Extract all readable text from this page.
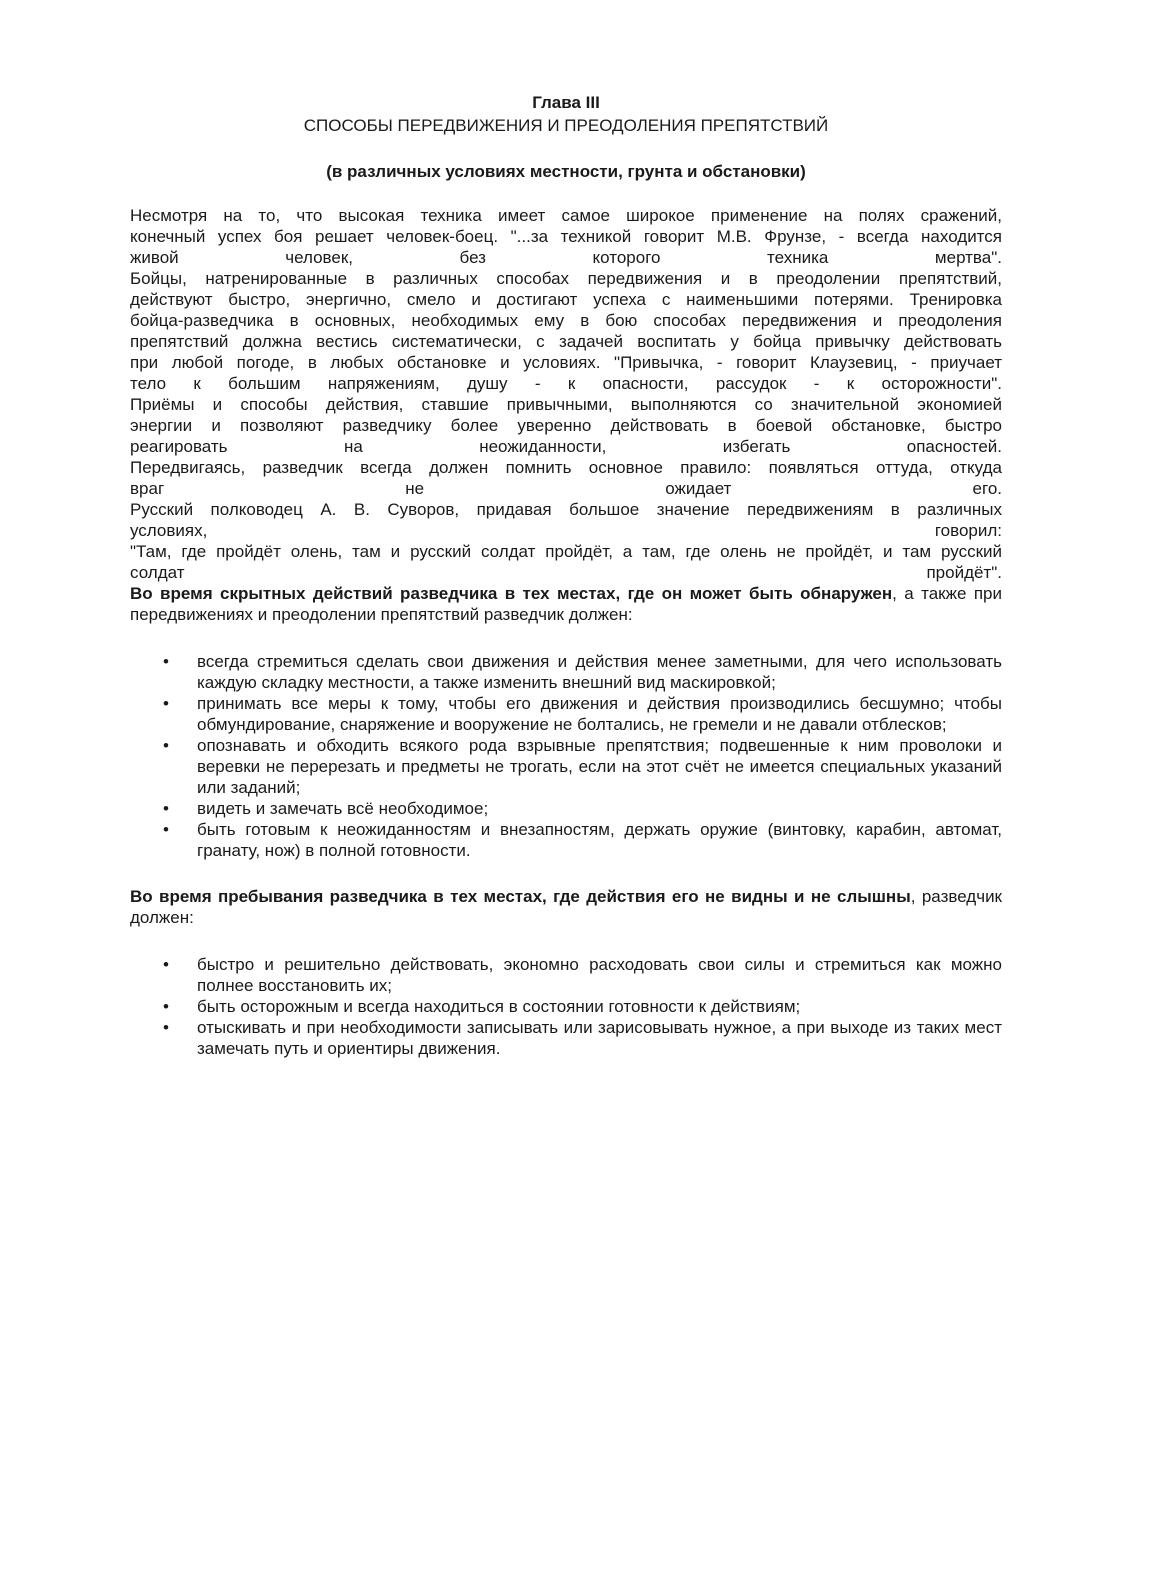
Глава III

СПОСОБЫ ПЕРЕДВИЖЕНИЯ И ПРЕОДОЛЕНИЯ ПРЕПЯТСТВИЙ

(в различных условиях местности, грунта и обстановки)

Несмотря на то, что высокая техника имеет самое широкое применение на полях сражений,

конечный успех боя решает человек-боец. "...за техникой говорит М.В. Фрунзе, - всегда находится

живой человек, без которого техника мертва".

Бойцы, натренированные в различных способах передвижения и в преодолении препятствий,

действуют быстро, энергично, смело и достигают успеха с наименьшими потерями. Тренировка

бойца-разведчика в основных, необходимых ему в бою способах передвижения и преодоления

препятствий должна вестись систематически, с задачей воспитать у бойца привычку действовать

при любой погоде, в любых обстановке и условиях. "Привычка, - говорит Клаузевиц, - приучает

тело к большим напряжениям, душу - к опасности, рассудок - к осторожности".

Приёмы и способы действия, ставшие привычными, выполняются со значительной экономией

энергии и позволяют разведчику более уверенно действовать в боевой обстановке, быстро

реагировать на неожиданности, избегать опасностей.

Передвигаясь, разведчик всегда должен помнить основное правило: появляться оттуда, откуда

враг не ожидает его.

Русский полководец А. В. Суворов, придавая большое значение передвижениям в различных

условиях, говорил:

"Там, где пройдёт олень, там и русский солдат пройдёт, а там, где олень не пройдёт, и там русский

солдат пройдёт".

Во время скрытных действий разведчика в тех местах, где он может быть обнаружен, а также при передвижениях и преодолении препятствий разведчик должен:

• всегда стремиться сделать свои движения и действия менее заметными, для чего использовать каждую складку местности, а также изменить внешний вид маскировкой;
• принимать все меры к тому, чтобы его движения и действия производились бесшумно; чтобы обмундирование, снаряжение и вооружение не болтались, не гремели и не давали отблесков;
• опознавать и обходить всякого рода взрывные препятствия; подвешенные к ним проволоки и веревки не перерезать и предметы не трогать, если на этот счёт не имеется специальных указаний или заданий;
• видеть и замечать всё необходимое;
• быть готовым к неожиданностям и внезапностям, держать оружие (винтовку, карабин, автомат, гранату, нож) в полной готовности.

Во время пребывания разведчика в тех местах, где действия его не видны и не слышны, разведчик должен:

• быстро и решительно действовать, экономно расходовать свои силы и стремиться как можно полнее восстановить их;
• быть осторожным и всегда находиться в состоянии готовности к действиям;
• отыскивать и при необходимости записывать или зарисовывать нужное, а при выходе из таких мест замечать путь и ориентиры движения.
